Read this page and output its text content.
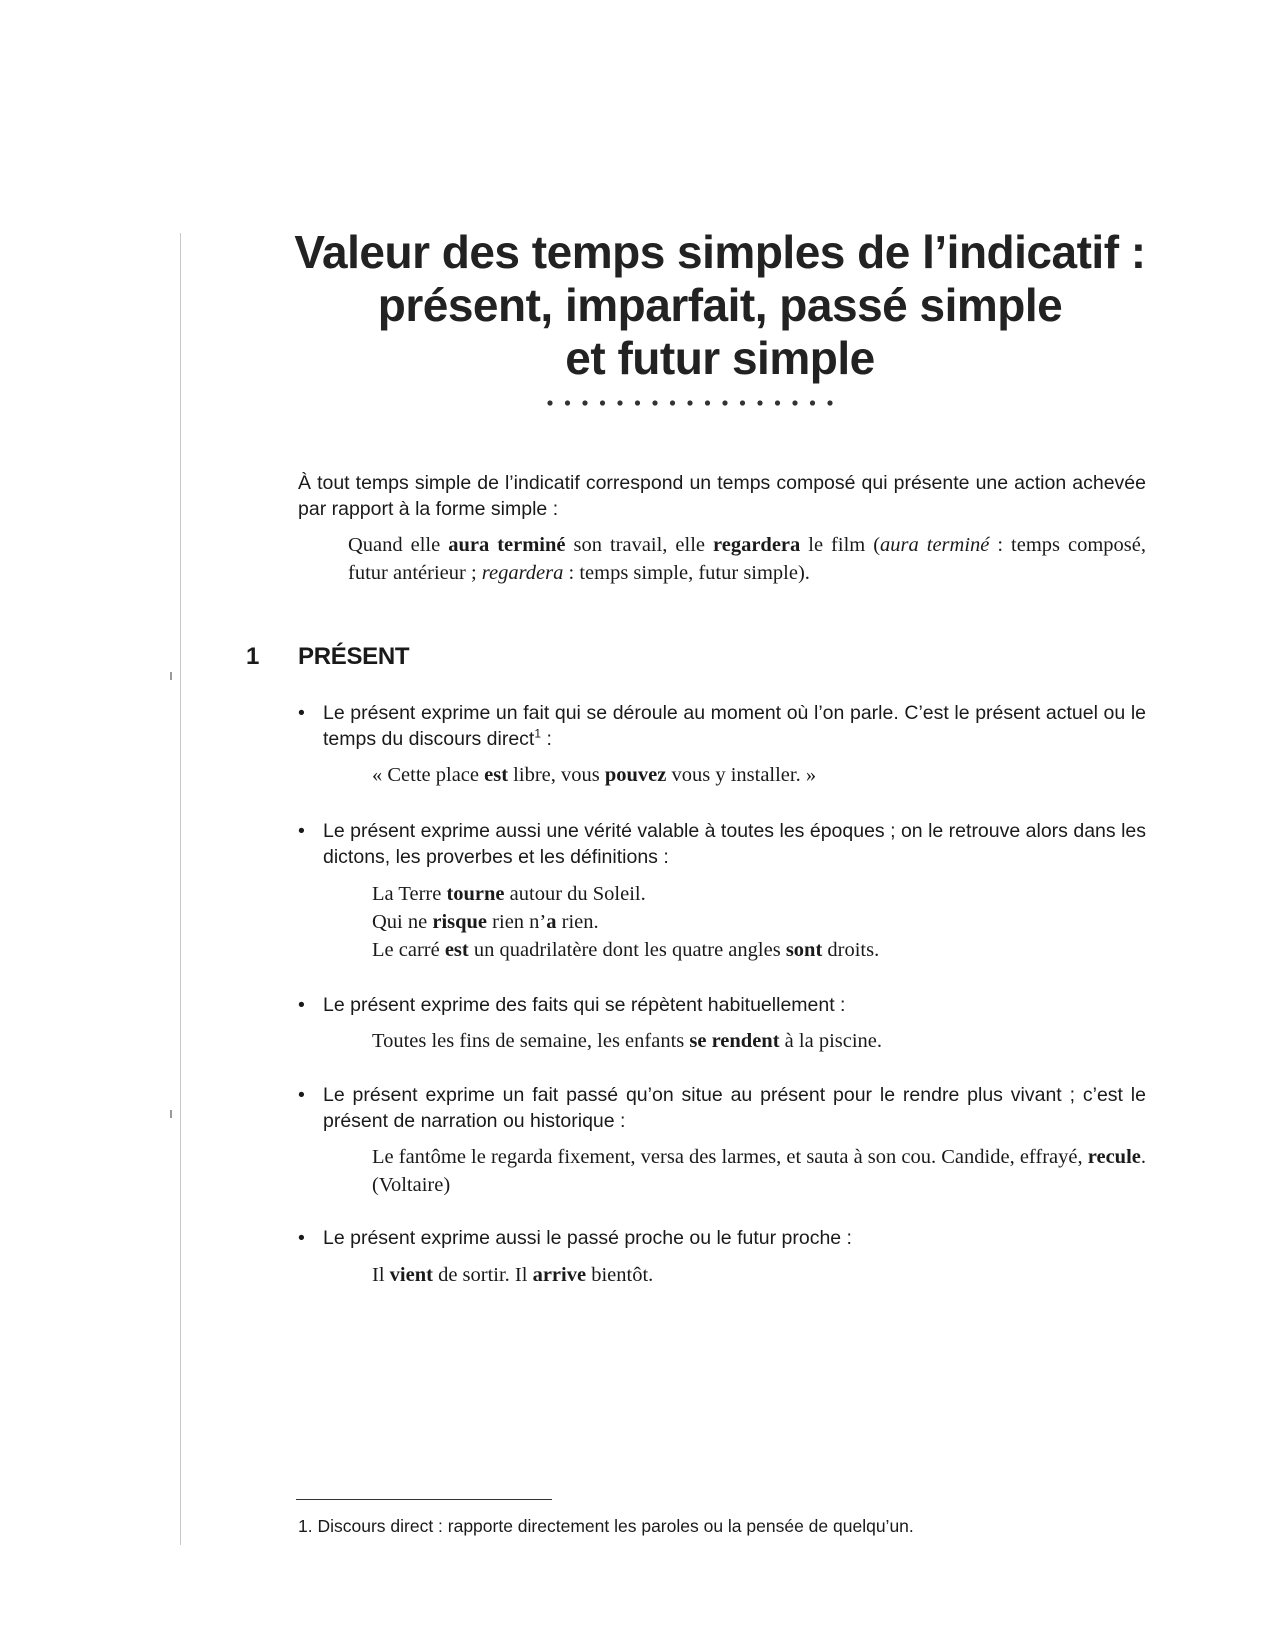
Valeur des temps simples de l’indicatif :
présent, imparfait, passé simple
et futur simple

À tout temps simple de l’indicatif correspond un temps composé qui présente une action achevée par rapport à la forme simple :

Quand elle aura terminé son travail, elle regardera le film (aura terminé : temps composé, futur antérieur ; regardera : temps simple, futur simple).

1 PRÉSENT
• Le présent exprime un fait qui se déroule au moment où l’on parle. C’est le présent actuel ou le temps du discours direct$^1$ :
« Cette place est libre, vous pouvez vous y installer. »
• Le présent exprime aussi une vérité valable à toutes les époques ; on le retrouve alors dans les dictons, les proverbes et les définitions :
La Terre tourne autour du Soleil.
Qui ne risque rien n’a rien.
Le carré est un quadrilatère dont les quatre angles sont droits.
• Le présent exprime des faits qui se répètent habituellement :
Toutes les fins de semaine, les enfants se rendent à la piscine.
• Le présent exprime un fait passé qu’on situe au présent pour le rendre plus vivant ; c’est le présent de narration ou historique :
Le fantôme le regarda fixement, versa des larmes, et sauta à son cou. Candide, effrayé, recule. (Voltaire)
• Le présent exprime aussi le passé proche ou le futur proche :
Il vient de sortir. Il arrive bientôt.

1. Discours direct : rapporte directement les paroles ou la pensée de quelqu’un.
